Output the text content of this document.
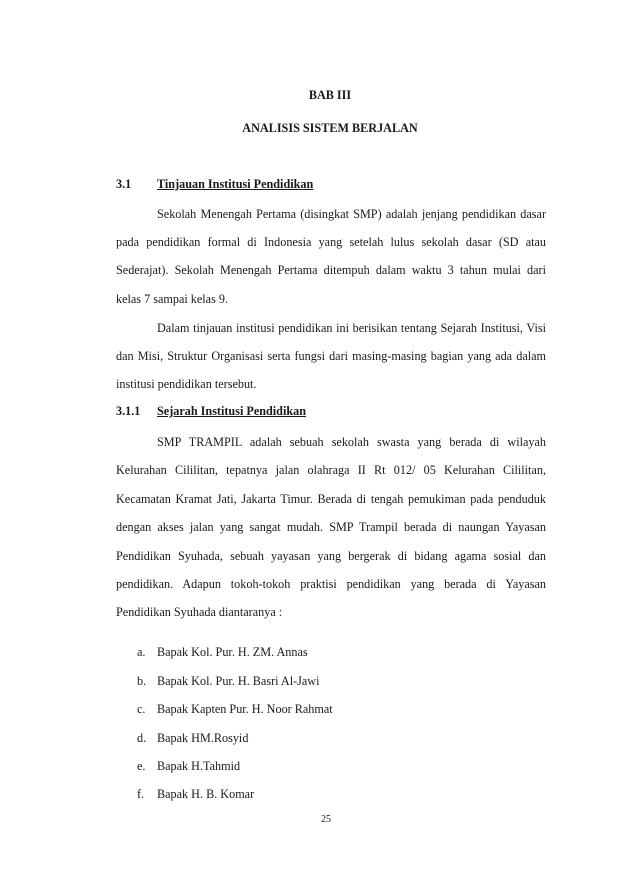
BAB III
ANALISIS SISTEM BERJALAN
3.1 Tinjauan Institusi Pendidikan
Sekolah Menengah Pertama (disingkat SMP) adalah jenjang pendidikan dasar
pada pendidikan formal di Indonesia yang setelah lulus sekolah dasar (SD atau
Sederajat). Sekolah Menengah Pertama ditempuh dalam waktu 3 tahun mulai dari
kelas 7 sampai kelas 9.
Dalam tinjauan institusi pendidikan ini berisikan tentang Sejarah Institusi, Visi
dan Misi, Struktur Organisasi serta fungsi dari masing-masing bagian yang ada dalam
institusi pendidikan tersebut.
3.1.1 Sejarah Institusi Pendidikan
SMP TRAMPIL adalah sebuah sekolah swasta yang berada di wilayah
Kelurahan Cililitan, tepatnya jalan olahraga II Rt 012/ 05 Kelurahan Cililitan,
Kecamatan Kramat Jati, Jakarta Timur. Berada di tengah pemukiman pada penduduk
dengan akses jalan yang sangat mudah. SMP Trampil berada di naungan Yayasan
Pendidikan Syuhada, sebuah yayasan yang bergerak di bidang agama sosial dan
pendidikan. Adapun tokoh-tokoh praktisi pendidikan yang berada di Yayasan
Pendidikan Syuhada diantaranya :
a. Bapak Kol. Pur. H. ZM. Annas
b. Bapak Kol. Pur. H. Basri Al-Jawi
c. Bapak Kapten Pur. H. Noor Rahmat
d. Bapak HM.Rosyid
e. Bapak H.Tahmid
f. Bapak H. B. Komar
25
